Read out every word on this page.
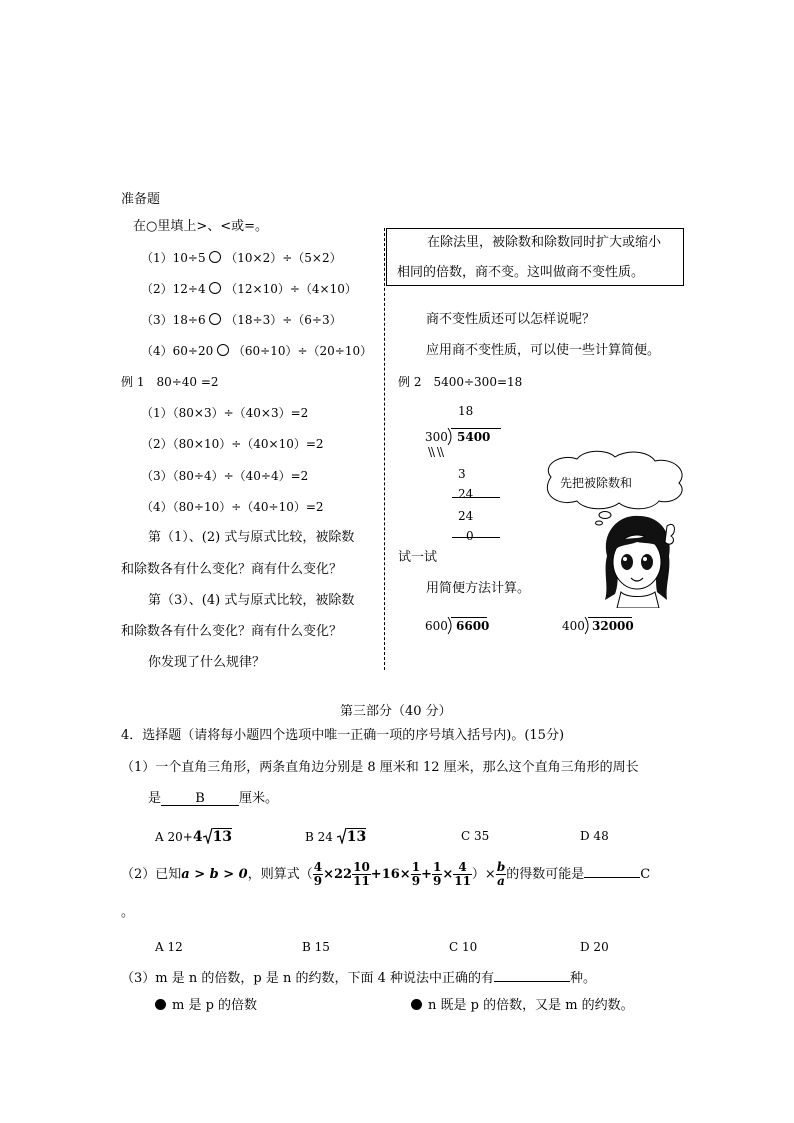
准备题
在○里填上>、<或=。
（1）10÷5 （10×2）÷（5×2）
（2）12÷4 （12×10）÷（4×10）
（3）18÷6 （18÷3）÷（6÷3）
（4）60÷20 （60÷10）÷（20÷10）
例 1　80÷40 =2
（1）（80×3）÷（40×3）=2
（2）（80×10）÷（40×10）=2
（3）（80÷4）÷（40÷4）=2
（4）（80÷10）÷（40÷10）=2
第（1）、(2) 式与原式比较，被除数
和除数各有什么变化？商有什么变化？
第（3）、(4) 式与原式比较，被除数
和除数各有什么变化？商有什么变化？
你发现了什么规律？
在除法里，被除数和除数同时扩大或缩小
相同的倍数，商不变。这叫做商不变性质。
商不变性质还可以怎样说呢？
应用商不变性质，可以使一些计算简便。
例 2　5400÷300=18
18
300 5400
\\ \\
3
24
24
0
先把被除数和
试一试
用简便方法计算。
600 6600	400 32000
第三部分（40 分）
4．选择题（请将每小题四个选项中唯一正确一项的序号填入括号内)。(15分)
（1）一个直角三角形，两条直角边分别是 8 厘米和 12 厘米，那么这个直角三角形的周长
是	B	厘米。
A 20+4 13	B 24 13	C 35	D 48
（2）已知a > b > 0，则算式（ $\frac{4}{9} \times 22 \frac{10}{11} +16\times \frac{1}{9} + \frac{1}{9} \times \frac{4}{11}$ ）× $\frac{b}{a}$ 的得数可能是	C
。
A 12	B 15	C 10	D 20
（3）m 是 n 的倍数，p 是 n 的约数，下面 4 种说法中正确的有	种。
m 是 p 的倍数	n 既是 p 的倍数，又是 m 的约数。
